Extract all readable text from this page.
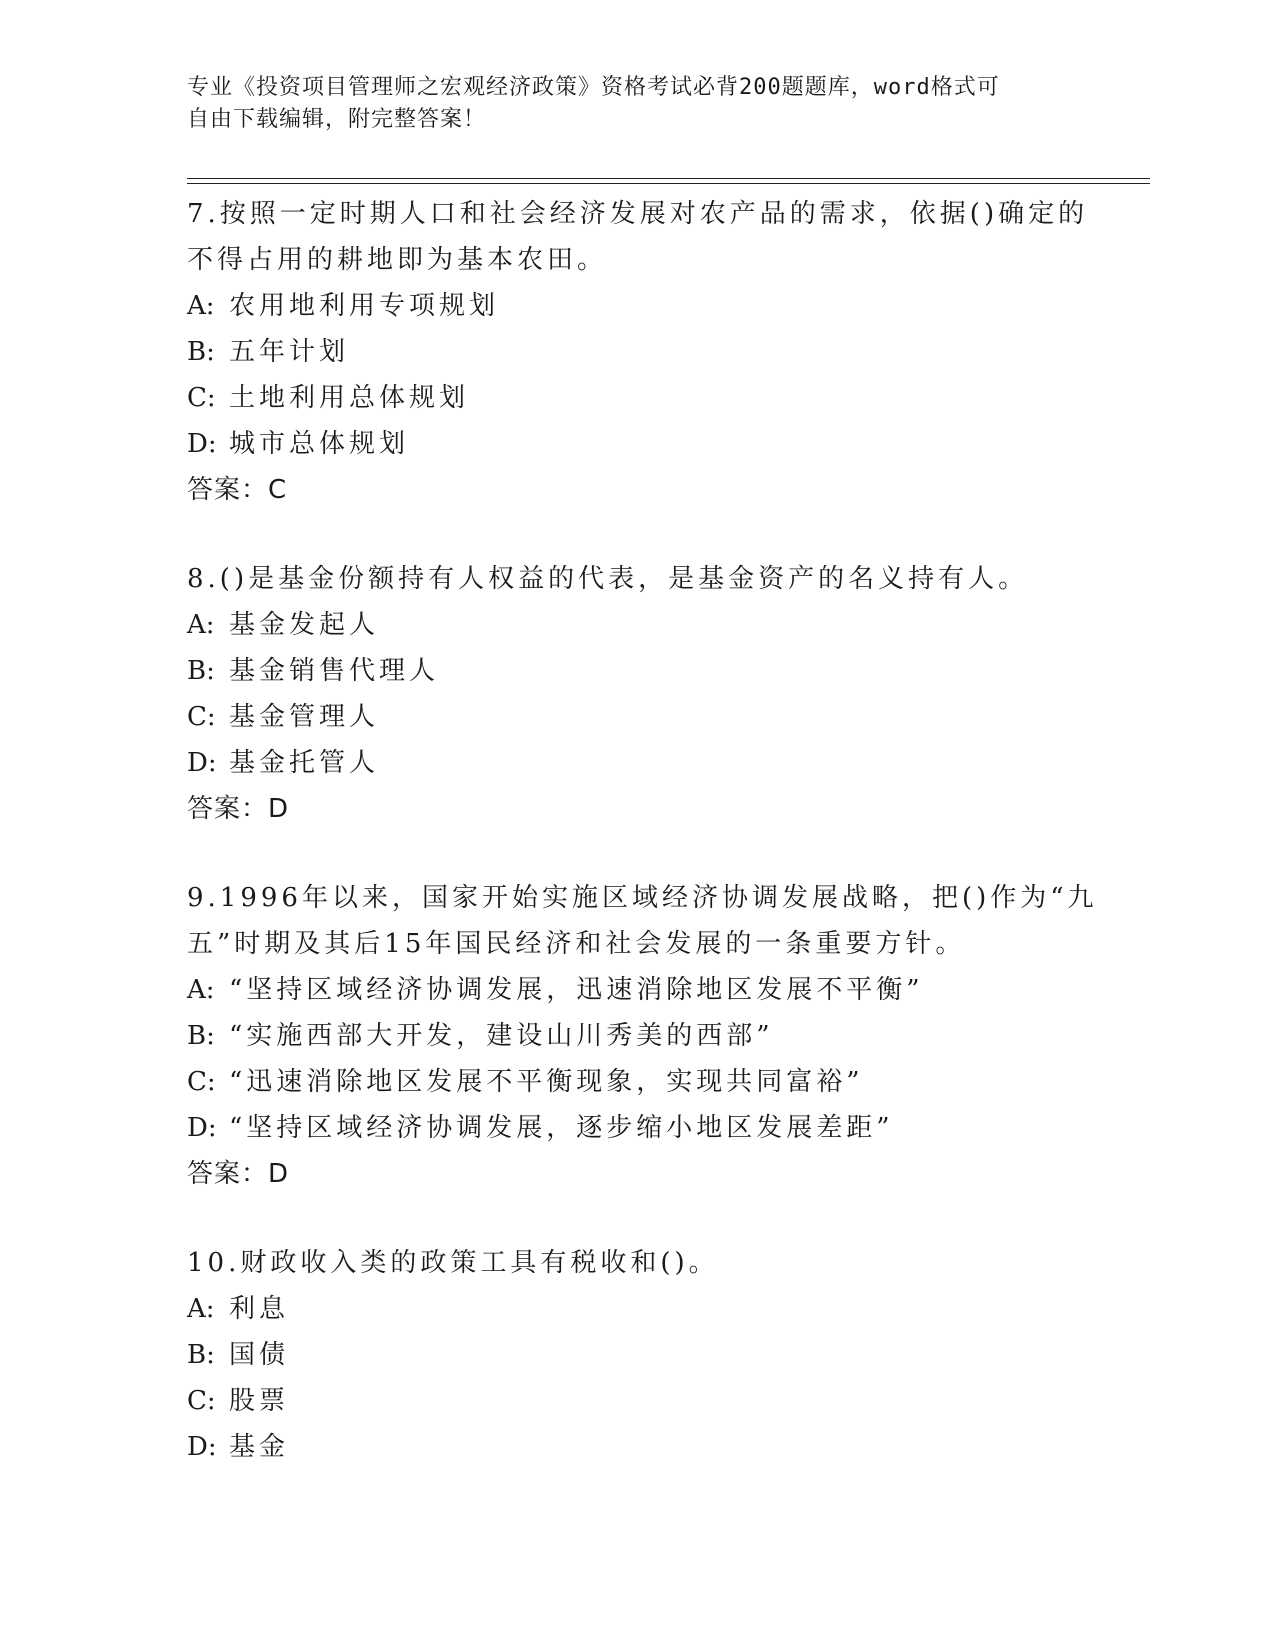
专业《投资项目管理师之宏观经济政策》资格考试必背200题题库，word格式可
自由下载编辑，附完整答案！
7.按照一定时期人口和社会经济发展对农产品的需求，依据()确定的
不得占用的耕地即为基本农田。
A: 农用地利用专项规划
B: 五年计划
C: 土地利用总体规划
D: 城市总体规划
答案：C
8.()是基金份额持有人权益的代表，是基金资产的名义持有人。
A: 基金发起人
B: 基金销售代理人
C: 基金管理人
D: 基金托管人
答案：D
9.1996年以来，国家开始实施区域经济协调发展战略，把()作为“九
五”时期及其后15年国民经济和社会发展的一条重要方针。
A: “坚持区域经济协调发展，迅速消除地区发展不平衡”
B: “实施西部大开发，建设山川秀美的西部”
C: “迅速消除地区发展不平衡现象，实现共同富裕”
D: “坚持区域经济协调发展，逐步缩小地区发展差距”
答案：D
10.财政收入类的政策工具有税收和()。
A: 利息
B: 国债
C: 股票
D: 基金
